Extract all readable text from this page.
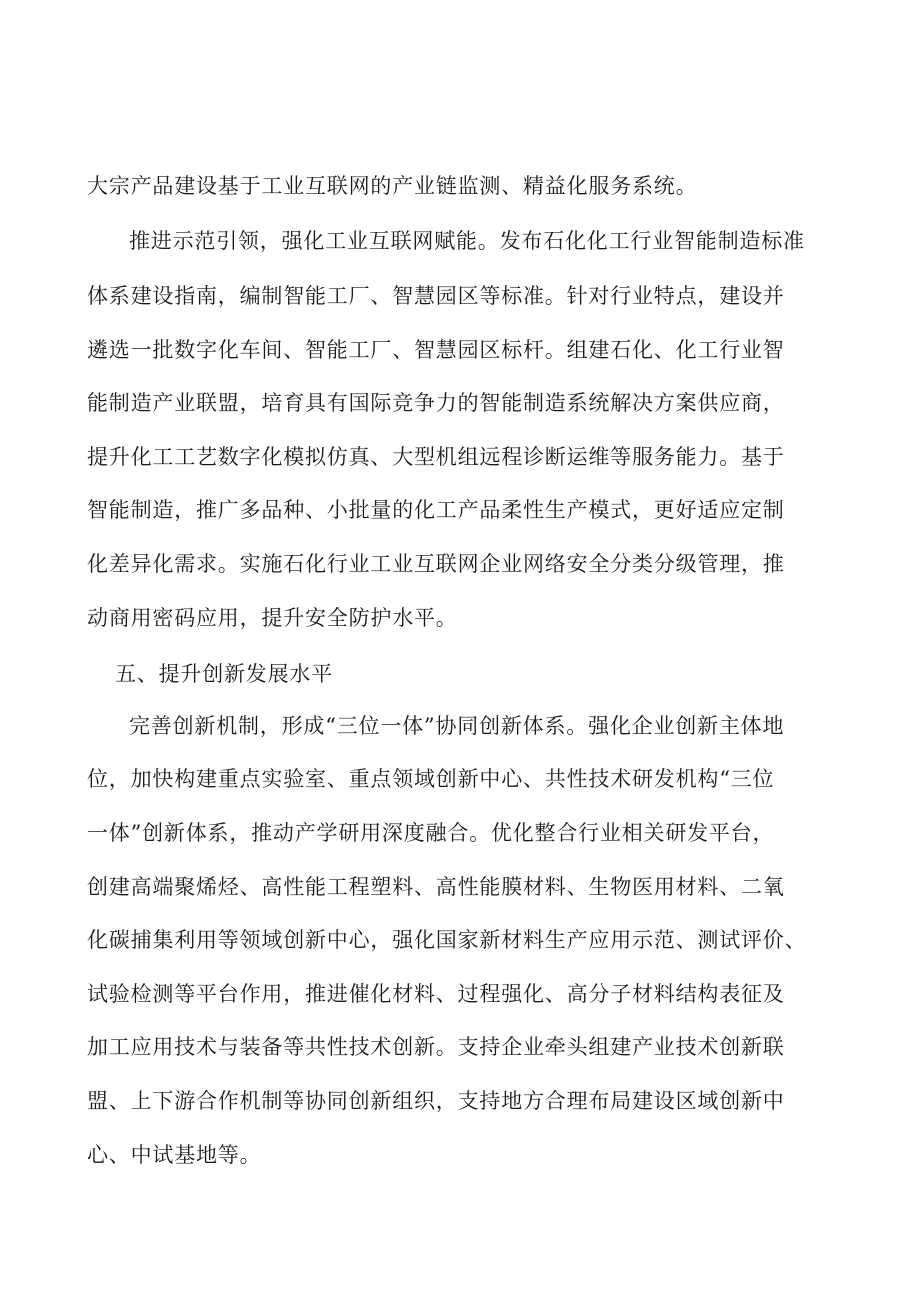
大宗产品建设基于工业互联网的产业链监测、精益化服务系统。
推进示范引领，强化工业互联网赋能。发布石化化工行业智能制造标准
体系建设指南，编制智能工厂、智慧园区等标准。针对行业特点，建设并
遴选一批数字化车间、智能工厂、智慧园区标杆。组建石化、化工行业智
能制造产业联盟，培育具有国际竞争力的智能制造系统解决方案供应商，
提升化工工艺数字化模拟仿真、大型机组远程诊断运维等服务能力。基于
智能制造，推广多品种、小批量的化工产品柔性生产模式，更好适应定制
化差异化需求。实施石化行业工业互联网企业网络安全分类分级管理，推
动商用密码应用，提升安全防护水平。
五、提升创新发展水平
完善创新机制，形成“三位一体”协同创新体系。强化企业创新主体地
位，加快构建重点实验室、重点领域创新中心、共性技术研发机构“三位
一体”创新体系，推动产学研用深度融合。优化整合行业相关研发平台，
创建高端聚烯烃、高性能工程塑料、高性能膜材料、生物医用材料、二氧
化碳捕集利用等领域创新中心，强化国家新材料生产应用示范、测试评价、
试验检测等平台作用，推进催化材料、过程强化、高分子材料结构表征及
加工应用技术与装备等共性技术创新。支持企业牵头组建产业技术创新联
盟、上下游合作机制等协同创新组织，支持地方合理布局建设区域创新中
心、中试基地等。
